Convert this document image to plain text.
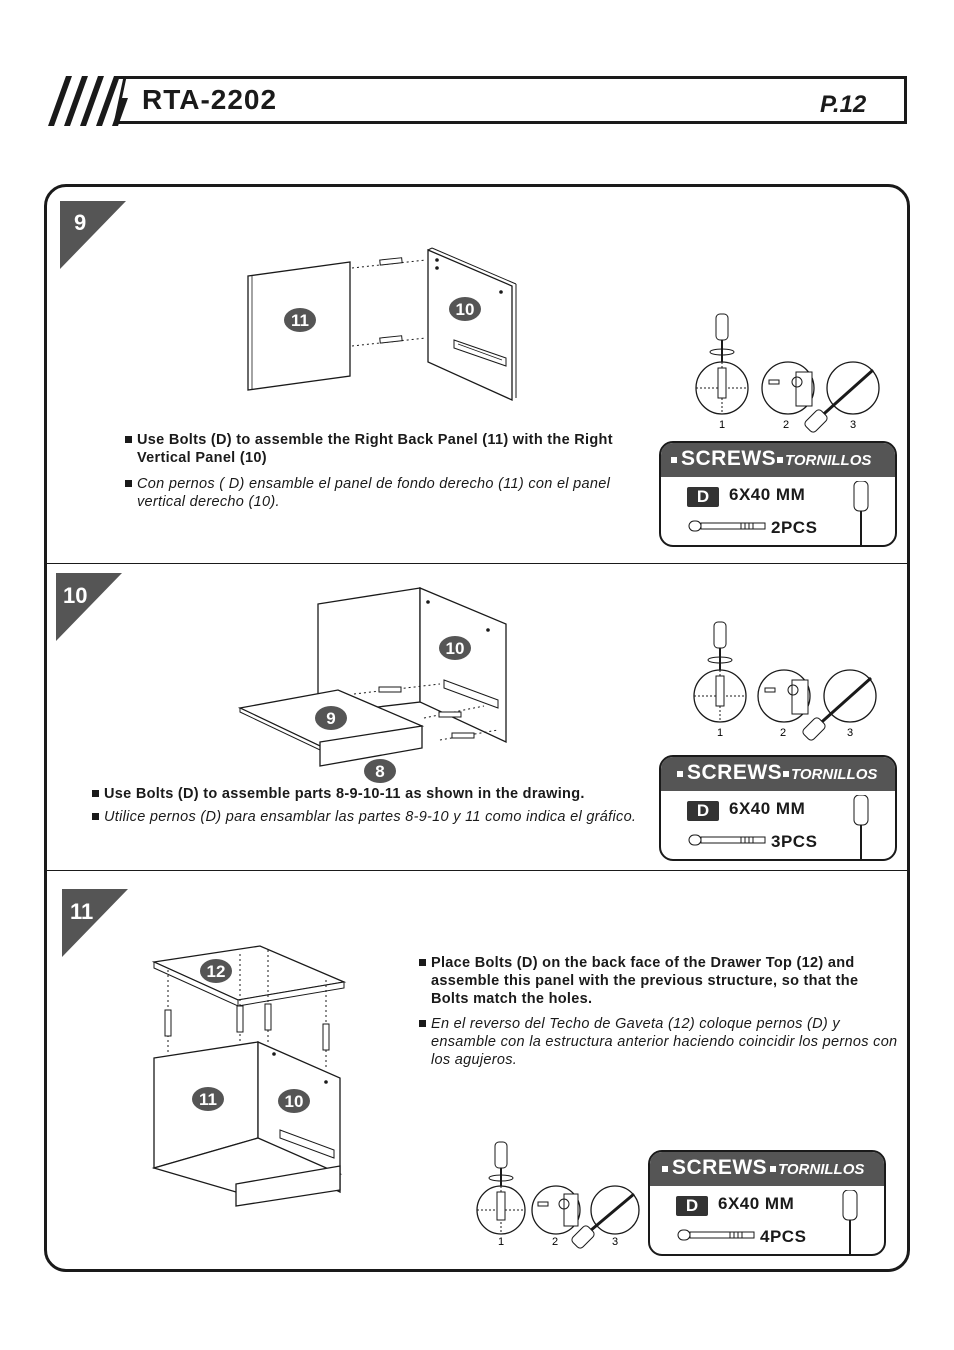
RTA-2202	P.12
9
11
10
Use Bolts (D) to assemble the Right Back Panel (11) with the Right Vertical Panel (10)
Con pernos ( D) ensamble el panel de fondo derecho (11) con el panel vertical derecho (10).
1	2	3
SCREWS TORNILLOS
D	6X40 MM
2PCS
10
10
9
8
Use Bolts (D) to assemble parts 8-9-10-11 as shown in the drawing.
Utilice pernos (D) para ensamblar las partes 8-9-10 y 11 como indica el gráfico.
1	2	3
SCREWS TORNILLOS
D	6X40 MM
3PCS
11
12
11	10
Place Bolts (D) on the back face of the Drawer Top (12) and assemble this panel with the previous structure, so that the Bolts match the holes.
En el reverso del Techo de Gaveta (12) coloque pernos (D) y ensamble con la estructura anterior haciendo coincidir los pernos con los agujeros.
1	2	3
SCREWS TORNILLOS
D	6X40 MM
4PCS
